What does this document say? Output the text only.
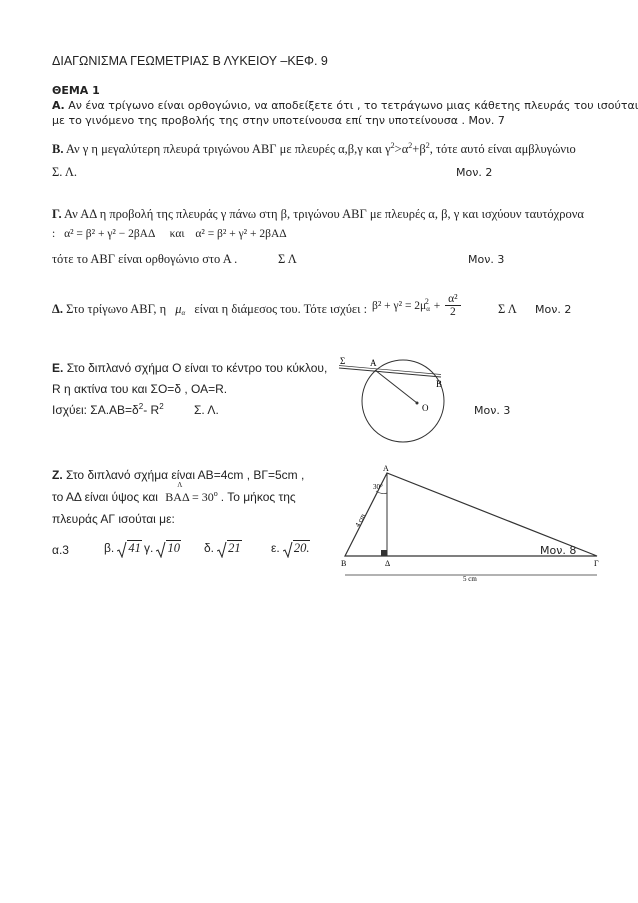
ΔΙΑΓΩΝΙΣΜΑ ΓΕΩΜΕΤΡΙΑΣ Β ΛΥΚΕΙΟΥ –ΚΕΦ. 9
ΘΕΜΑ 1
Α. Αν ένα τρίγωνο είναι ορθογώνιο, να αποδείξετε ότι , το τετράγωνο μιας κάθετης πλευράς του ισούται
με το γινόμενο της προβολής της στην υποτείνουσα επί την υποτείνουσα . Μον. 7
Β. Αν γ η μεγαλύτερη πλευρά τριγώνου ΑΒΓ με πλευρές α,β,γ και $\gamma^2>\alpha^2+\beta^2$, τότε αυτό είναι αμβλυγώνιο
Σ. Λ.	Μον. 2
Γ. Αν ΑΔ η προβολή της πλευράς γ πάνω στη β, τριγώνου ΑΒΓ με πλευρές α, β, γ και ισχύουν ταυτόχρονα
: α² = β² + γ² − 2βΑΔ και α² = β² + γ² + 2βΑΔ
τότε το ΑΒΓ είναι ορθογώνιο στο Α .	Σ Λ	Μον. 3
Δ. Στο τρίγωνο ΑΒΓ, η $\mu_\alpha$ είναι η διάμεσος του. Τότε ισχύει : $\beta^2 + \gamma^2 = 2\mu_\alpha^2 + \frac{\text{α²}}{2}$	Σ Λ Μον. 2
Ε. Στο διπλανό σχήμα Ο είναι το κέντρο του κύκλου,
R η ακτίνα του και ΣΟ=δ , ΟΑ=R.
Ισχύει: $\Sigma A.AB=\delta^2-$ $R^2$	Σ. Λ.	Μον. 3
Σ	Α
Β
Ο
Ζ. Στο διπλανό σχήμα είναι ΑΒ=4cm , ΒΓ=5cm ,
το ΑΔ είναι ύψος και
Λ
$BA\Delta = 30^o$ . Το μήκος της
πλευράς ΑΓ ισούται με:
α.3	β. 41 γ. 10 δ. 21	ε. 20.	Μον. 8
Α
Β	Δ	Γ
30°
4 cm
5 cm
